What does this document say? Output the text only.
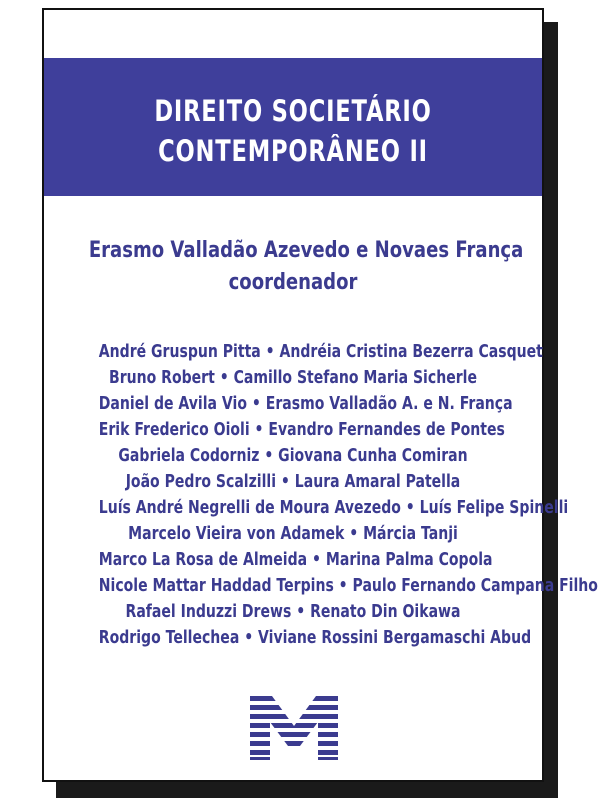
DIREITO SOCIETÁRIO
CONTEMPORÂNEO II
Erasmo Valladão Azevedo e Novaes França
coordenador
André Gruspun Pitta • Andréia Cristina Bezerra Casquet
Bruno Robert • Camillo Stefano Maria Sicherle
Daniel de Avila Vio • Erasmo Valladão A. e N. França
Erik Frederico Oioli • Evandro Fernandes de Pontes
Gabriela Codorniz • Giovana Cunha Comiran
João Pedro Scalzilli • Laura Amaral Patella
Luís André Negrelli de Moura Avezedo • Luís Felipe Spinelli
Marcelo Vieira von Adamek • Márcia Tanji
Marco La Rosa de Almeida • Marina Palma Copola
Nicole Mattar Haddad Terpins • Paulo Fernando Campana Filho
Rafael Induzzi Drews • Renato Din Oikawa
Rodrigo Tellechea • Viviane Rossini Bergamaschi Abud
